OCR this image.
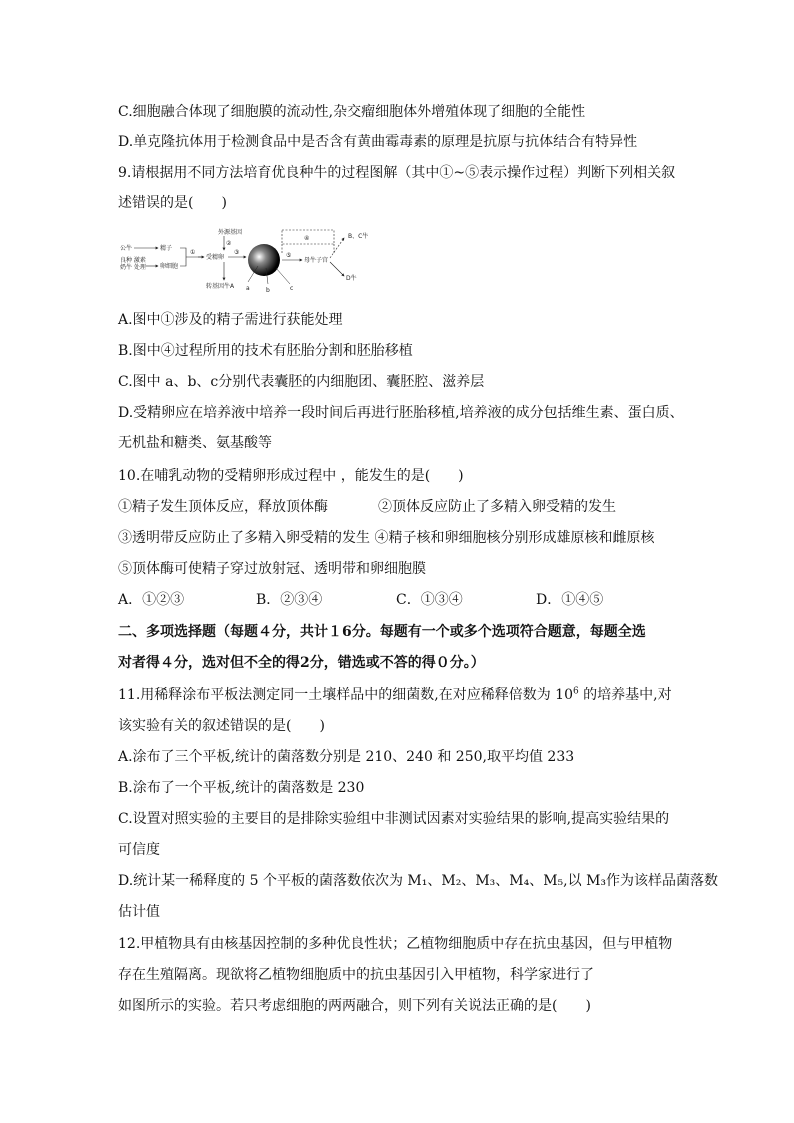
C.细胞融合体现了细胞膜的流动性,杂交瘤细胞体外增殖体现了细胞的全能性
D.单克隆抗体用于检测食品中是否含有黄曲霉毒素的原理是抗原与抗体结合有特异性
9.请根据用不同方法培育优良种牛的过程图解（其中①~⑤表示操作过程）判断下列相关叙
述错误的是(　　)
公牛	精子
良种 激素
奶牛 处理 卵细胞
①
外源基因
②
受精卵
转基因牛A
③
a	b	c
④
⑤
母牛子宫
B、C牛
D牛
A.图中①涉及的精子需进行获能处理
B.图中④过程所用的技术有胚胎分割和胚胎移植
C.图中 a、b、c分别代表囊胚的内细胞团、囊胚腔、滋养层
D.受精卵应在培养液中培养一段时间后再进行胚胎移植,培养液的成分包括维生素、蛋白质、
无机盐和糖类、氨基酸等
10.在哺乳动物的受精卵形成过程中 ，能发生的是(　　)
①精子发生顶体反应，释放顶体酶	②顶体反应防止了多精入卵受精的发生
③透明带反应防止了多精入卵受精的发生 ④精子核和卵细胞核分别形成雄原核和雌原核
⑤顶体酶可使精子穿过放射冠、透明带和卵细胞膜
A．①②③	B．②③④	C．①③④	D．①④⑤
二、多项选择题（每题４分，共计１6分。每题有一个或多个选项符合题意，每题全选
对者得４分，选对但不全的得2分，错选或不答的得０分。）
11.用稀释涂布平板法测定同一土壤样品中的细菌数,在对应稀释倍数为 $10^6$ 的培养基中,对
该实验有关的叙述错误的是(　　)
A.涂布了三个平板,统计的菌落数分别是 210、240 和 250,取平均值 233
B.涂布了一个平板,统计的菌落数是 230
C.设置对照实验的主要目的是排除实验组中非测试因素对实验结果的影响,提高实验结果的
可信度
D.统计某一稀释度的 5 个平板的菌落数依次为 M₁、M₂、M₃、M₄、M₅,以 M₃作为该样品菌落数
估计值
12.甲植物具有由核基因控制的多种优良性状；乙植物细胞质中存在抗虫基因，但与甲植物
存在生殖隔离。现欲将乙植物细胞质中的抗虫基因引入甲植物，科学家进行了
如图所示的实验。若只考虑细胞的两两融合，则下列有关说法正确的是(　　)
